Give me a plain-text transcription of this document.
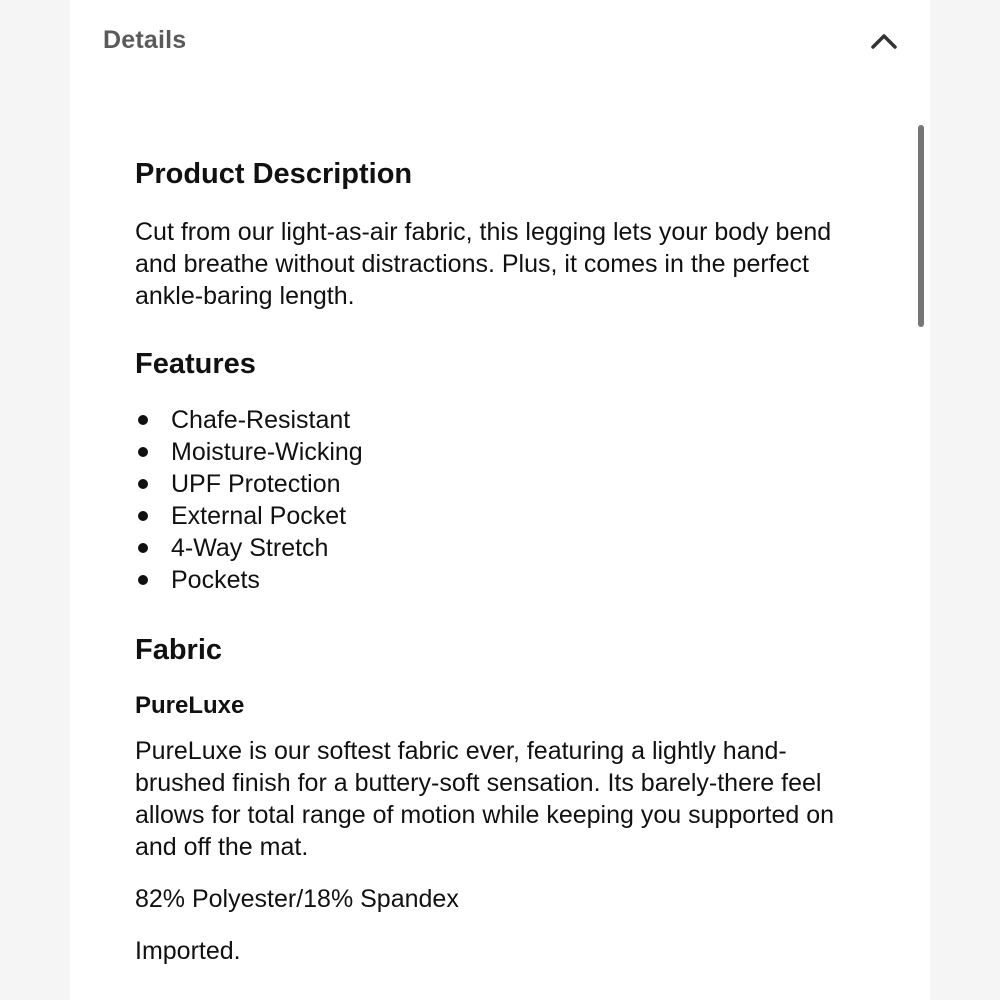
Details
Product Description

Cut from our light-as-air fabric, this legging lets your body bend and breathe without distractions. Plus, it comes in the perfect ankle-baring length.

Features
Chafe-Resistant
Moisture-Wicking
UPF Protection
External Pocket
4-Way Stretch
Pockets
Fabric
PureLuxe

PureLuxe is our softest fabric ever, featuring a lightly hand-brushed finish for a buttery-soft sensation. Its barely-there feel allows for total range of motion while keeping you supported on and off the mat.

82% Polyester/18% Spandex

Imported.
